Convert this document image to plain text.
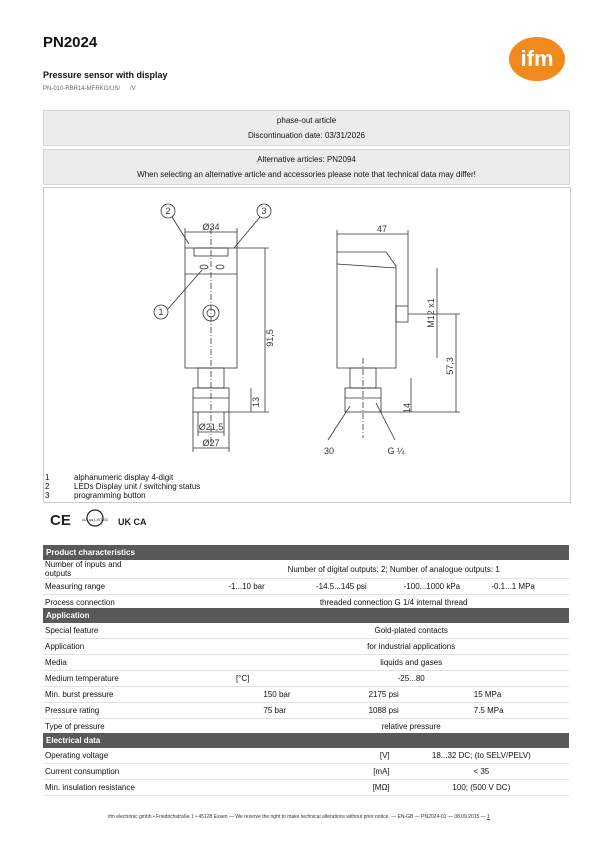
PN2024
Pressure sensor with display
PN-010-RBR14-MFRKG/US/ /V
ifm
phase-out article
Discontinuation date: 03/31/2026
Alternative articles: PN2094
When selecting an alternative article and accessories please note that technical data may differ!
2	3
1
Ø34
Ø21,5
Ø27
91,5
13
47
M12 x1
57,3
14
30	G ¼
1	alphanumeric display 4-digit
2	LEDs Display unit / switching status
3	programming button
CE	cULus LISTED UK CA
Product characteristics					
Number of inputs and outputs		Number of digital outputs: 2; Number of analogue outputs: 1			
Measuring range		-1...10 bar	-14.5...145 psi	-100...1000 kPa	-0.1...1 MPa
Process connection		threaded connection G 1/4 internal thread			
Application				
Special feature		Gold-plated contacts		
Application		for industrial applications		
Media		liquids and gases		
Medium temperature	[°C]	-25...80		
Min. burst pressure		150 bar	2175 psi	15 MPa
Pressure rating		75 bar	1088 psi	7.5 MPa
Type of pressure		relative pressure		
Electrical data		
Operating voltage	[V]	18...32 DC; (to SELV/PELV)
Current consumption	[mA]	< 35
Min. insulation resistance	[MΩ]	100; (500 V DC)
ifm electronic gmbh • Friedrichstraße 1 • 45128 Essen — We reserve the right to make technical alterations without prior notice. — EN-GB — PN2024-01 — 08.09.2015 — 1
